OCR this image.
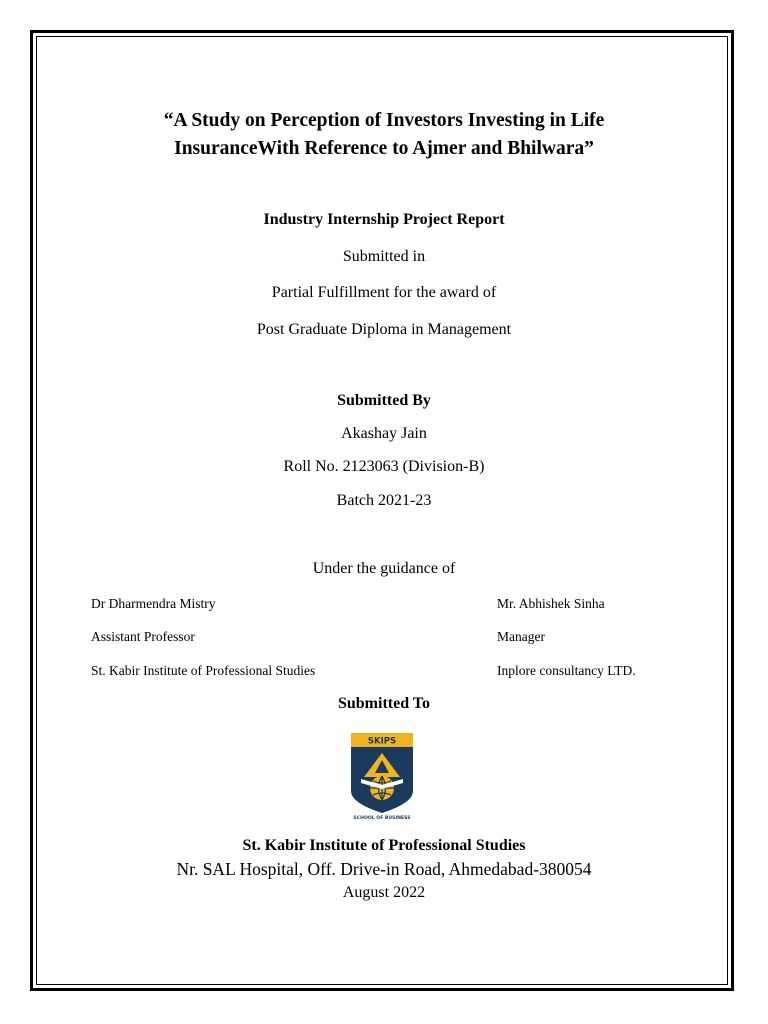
“A Study on Perception of Investors Investing in Life
InsuranceWith Reference to Ajmer and Bhilwara”
Industry Internship Project Report
Submitted in
Partial Fulfillment for the award of
Post Graduate Diploma in Management
Submitted By
Akashay Jain
Roll No. 2123063 (Division-B)
Batch 2021-23
Under the guidance of
Dr Dharmendra Mistry
Assistant Professor
St. Kabir Institute of Professional Studies
Mr. Abhishek Sinha
Manager
Inplore consultancy LTD.
Submitted To
SKIPS
SCHOOL OF BUSINESS
St. Kabir Institute of Professional Studies
Nr. SAL Hospital, Off. Drive-in Road, Ahmedabad-380054
August 2022
